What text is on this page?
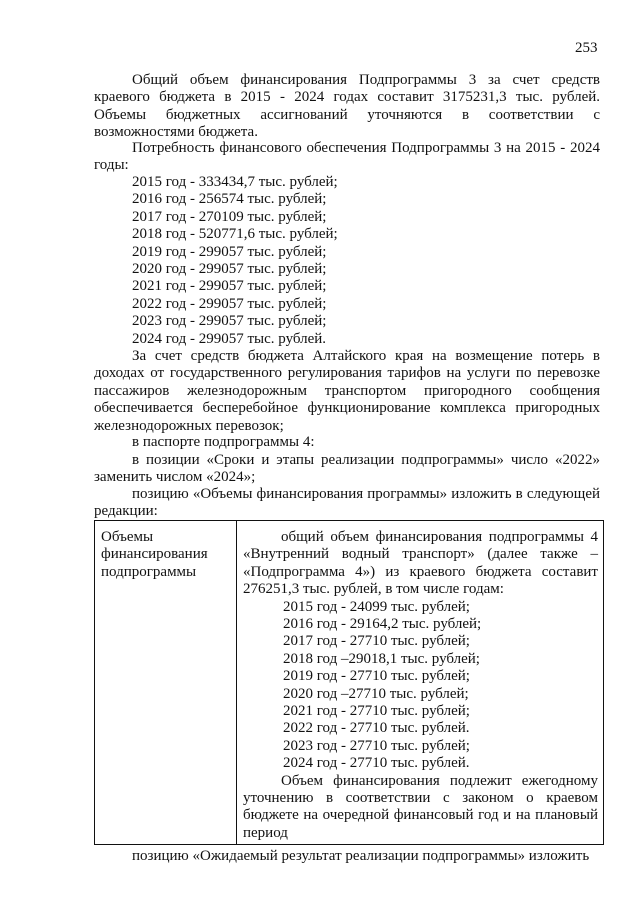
253

Общий объем финансирования Подпрограммы 3 за счет средств краевого бюджета в 2015 - 2024 годах составит 3175231,3 тыс. рублей. Объемы бюджетных ассигнований уточняются в соответствии с возможностями бюджета.

Потребность финансового обеспечения Подпрограммы 3 на 2015 - 2024 годы:

2015 год - 333434,7 тыс. рублей;
2016 год - 256574 тыс. рублей;
2017 год - 270109 тыс. рублей;
2018 год - 520771,6 тыс. рублей;
2019 год - 299057 тыс. рублей;
2020 год - 299057 тыс. рублей;
2021 год - 299057 тыс. рублей;
2022 год - 299057 тыс. рублей;
2023 год - 299057 тыс. рублей;
2024 год - 299057 тыс. рублей.

За счет средств бюджета Алтайского края на возмещение потерь в доходах от государственного регулирования тарифов на услуги по перевозке пассажиров железнодорожным транспортом пригородного сообщения обеспечивается бесперебойное функционирование комплекса пригородных железнодорожных перевозок;

в паспорте подпрограммы 4:

в позиции «Сроки и этапы реализации подпрограммы» число «2022» заменить числом «2024»;

позицию «Объемы финансирования программы» изложить в следующей редакции:

Объемы финансирования подпрограммы

общий объем финансирования подпрограммы 4 «Внутренний водный транспорт» (далее также – «Подпрограмма 4») из краевого бюджета составит 276251,3 тыс. рублей, в том числе годам:

2015 год - 24099 тыс. рублей;
2016 год - 29164,2 тыс. рублей;
2017 год - 27710 тыс. рублей;
2018 год –29018,1 тыс. рублей;
2019 год - 27710 тыс. рублей;
2020 год –27710 тыс. рублей;
2021 год - 27710 тыс. рублей;
2022 год - 27710 тыс. рублей.
2023 год - 27710 тыс. рублей;
2024 год - 27710 тыс. рублей.

Объем финансирования подлежит ежегодному уточнению в соответствии с законом о краевом бюджете на очередной финансовый год и на плановый период

позицию «Ожидаемый результат реализации подпрограммы» изложить
